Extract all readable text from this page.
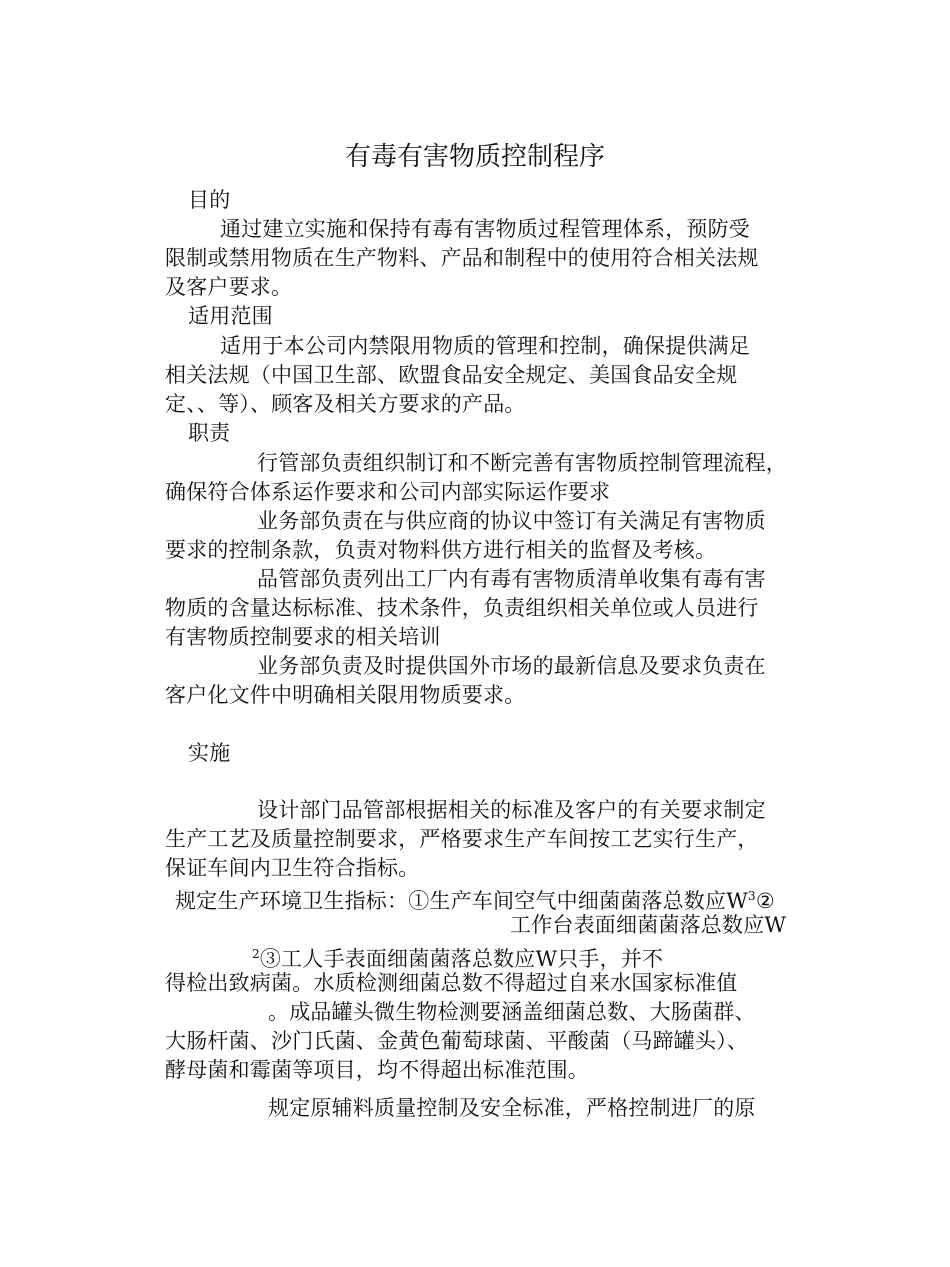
有毒有害物质控制程序
目的
通过建立实施和保持有毒有害物质过程管理体系，预防受
限制或禁用物质在生产物料、产品和制程中的使用符合相关法规
及客户要求。
适用范围
适用于本公司内禁限用物质的管理和控制，确保提供满足
相关法规（中国卫生部、欧盟食品安全规定、美国食品安全规
定、、等）、顾客及相关方要求的产品。
职责
行管部负责组织制订和不断完善有害物质控制管理流程，
确保符合体系运作要求和公司内部实际运作要求
业务部负责在与供应商的协议中签订有关满足有害物质
要求的控制条款，负责对物料供方进行相关的监督及考核。
品管部负责列出工厂内有毒有害物质清单收集有毒有害
物质的含量达标标准、技术条件，负责组织相关单位或人员进行
有害物质控制要求的相关培训
业务部负责及时提供国外市场的最新信息及要求负责在
客户化文件中明确相关限用物质要求。
实施
设计部门品管部根据相关的标准及客户的有关要求制定
生产工艺及质量控制要求，严格要求生产车间按工艺实行生产，
保证车间内卫生符合指标。
规定生产环境卫生指标：①生产车间空气中细菌菌落总数应$W^3②$
工作台表面细菌菌落总数应W
$^2$③工人手表面细菌菌落总数应W只手，并不
得检出致病菌。水质检测细菌总数不得超过自来水国家标准值
。成品罐头微生物检测要涵盖细菌总数、大肠菌群、
大肠杆菌、沙门氏菌、金黄色葡萄球菌、平酸菌（马蹄罐头）、
酵母菌和霉菌等项目，均不得超出标准范围。
规定原辅料质量控制及安全标准，严格控制进厂的原
